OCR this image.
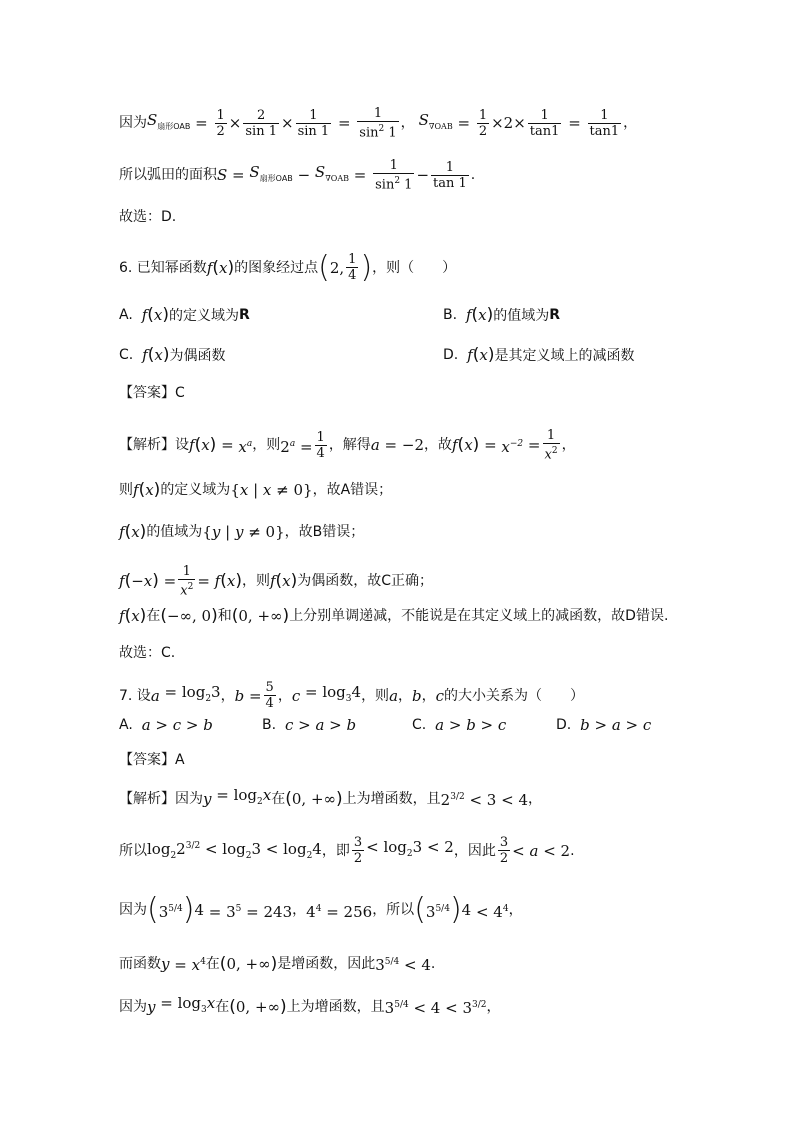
因为 $S_{扇形OAB} = \frac{1}{2} \times \frac{2}{\sin 1} \times \frac{1}{\sin 1} = \frac{1}{\sin^2 1}$ ， $S_{\nabla OAB} = \frac{1}{2} \times 2\times \frac{1}{\tan 1} = \frac{1}{\tan 1}$ ，
所以弧田的面积 $S = S_{扇形OAB} - S_{\nabla OAB} = \frac{1}{\sin^2 1} - \frac{1}{\tan 1}$ .
故选：D.
6. 已知幂函数 f ( x ) 的图象经过点 ( 2, $\frac{1}{4}$ ) ，则（　　）
A.
f ( x ) 的定义域为 R	B.
f ( x ) 的值域为 R
C.
f ( x ) 为偶函数	D.
f ( x ) 是其定义域上的减函数
【答案】 C
【解析】设 f ( x ) = $x^a$ ，则 $2^a = \frac{1}{4}$ ，解得 a = −2 ，故 f ( x ) = $x^{-2} = \frac{1}{x^2}$ ，
则 f ( x ) 的定义域为 {x | x ≠ 0} ，故A错误；
f ( x ) 的值域为 {y | y ≠ 0} ，故B错误；
f ( −x ) = $\frac{1}{x^2} = f$ ( x ) ，则 f ( x ) 为偶函数，故C正确；
f ( x ) 在 ( −∞, 0 ) 和 ( 0, +∞ ) 上分别单调递减，不能说是在其定义域上的减函数，故D错误.
故选：C.
7. 设 $a = \log_23$ ， $b = \frac{5}{4}$ ， $c = \log_34$ ，则 a ， b ， c 的大小关系为（　　）
A.
a > c > b	B.
c > a > b	C.
a > b > c	D.
b > a > c
【答案】 A
【解析】因为 $y = \log_2x$ 在 ( 0, +∞ ) 上为增函数，且 $2^{3/2} < 3 < 4$ ，
所以 $\log_22^{3/2} < \log_23 < \log_24$ ，即 $\frac{3}{2} < \log_23 < 2$ ，因此 $\frac{3}{2} < a < 2$ .
因为 ( $3^{5/4}$ ) $4 = 3^5 = 243$ ， $4^4 = 256$ ，所以 ( $3^{5/4}$ ) $4 < 4^4$ ，
而函数 $y = x^4$ 在 ( 0, +∞ ) 是增函数，因此 $3^{5/4} < 4$ .
因为 $y = \log_3x$ 在 ( 0, +∞ ) 上为增函数，且 $3^{5/4} < 4 < 3^{3/2}$ ，
